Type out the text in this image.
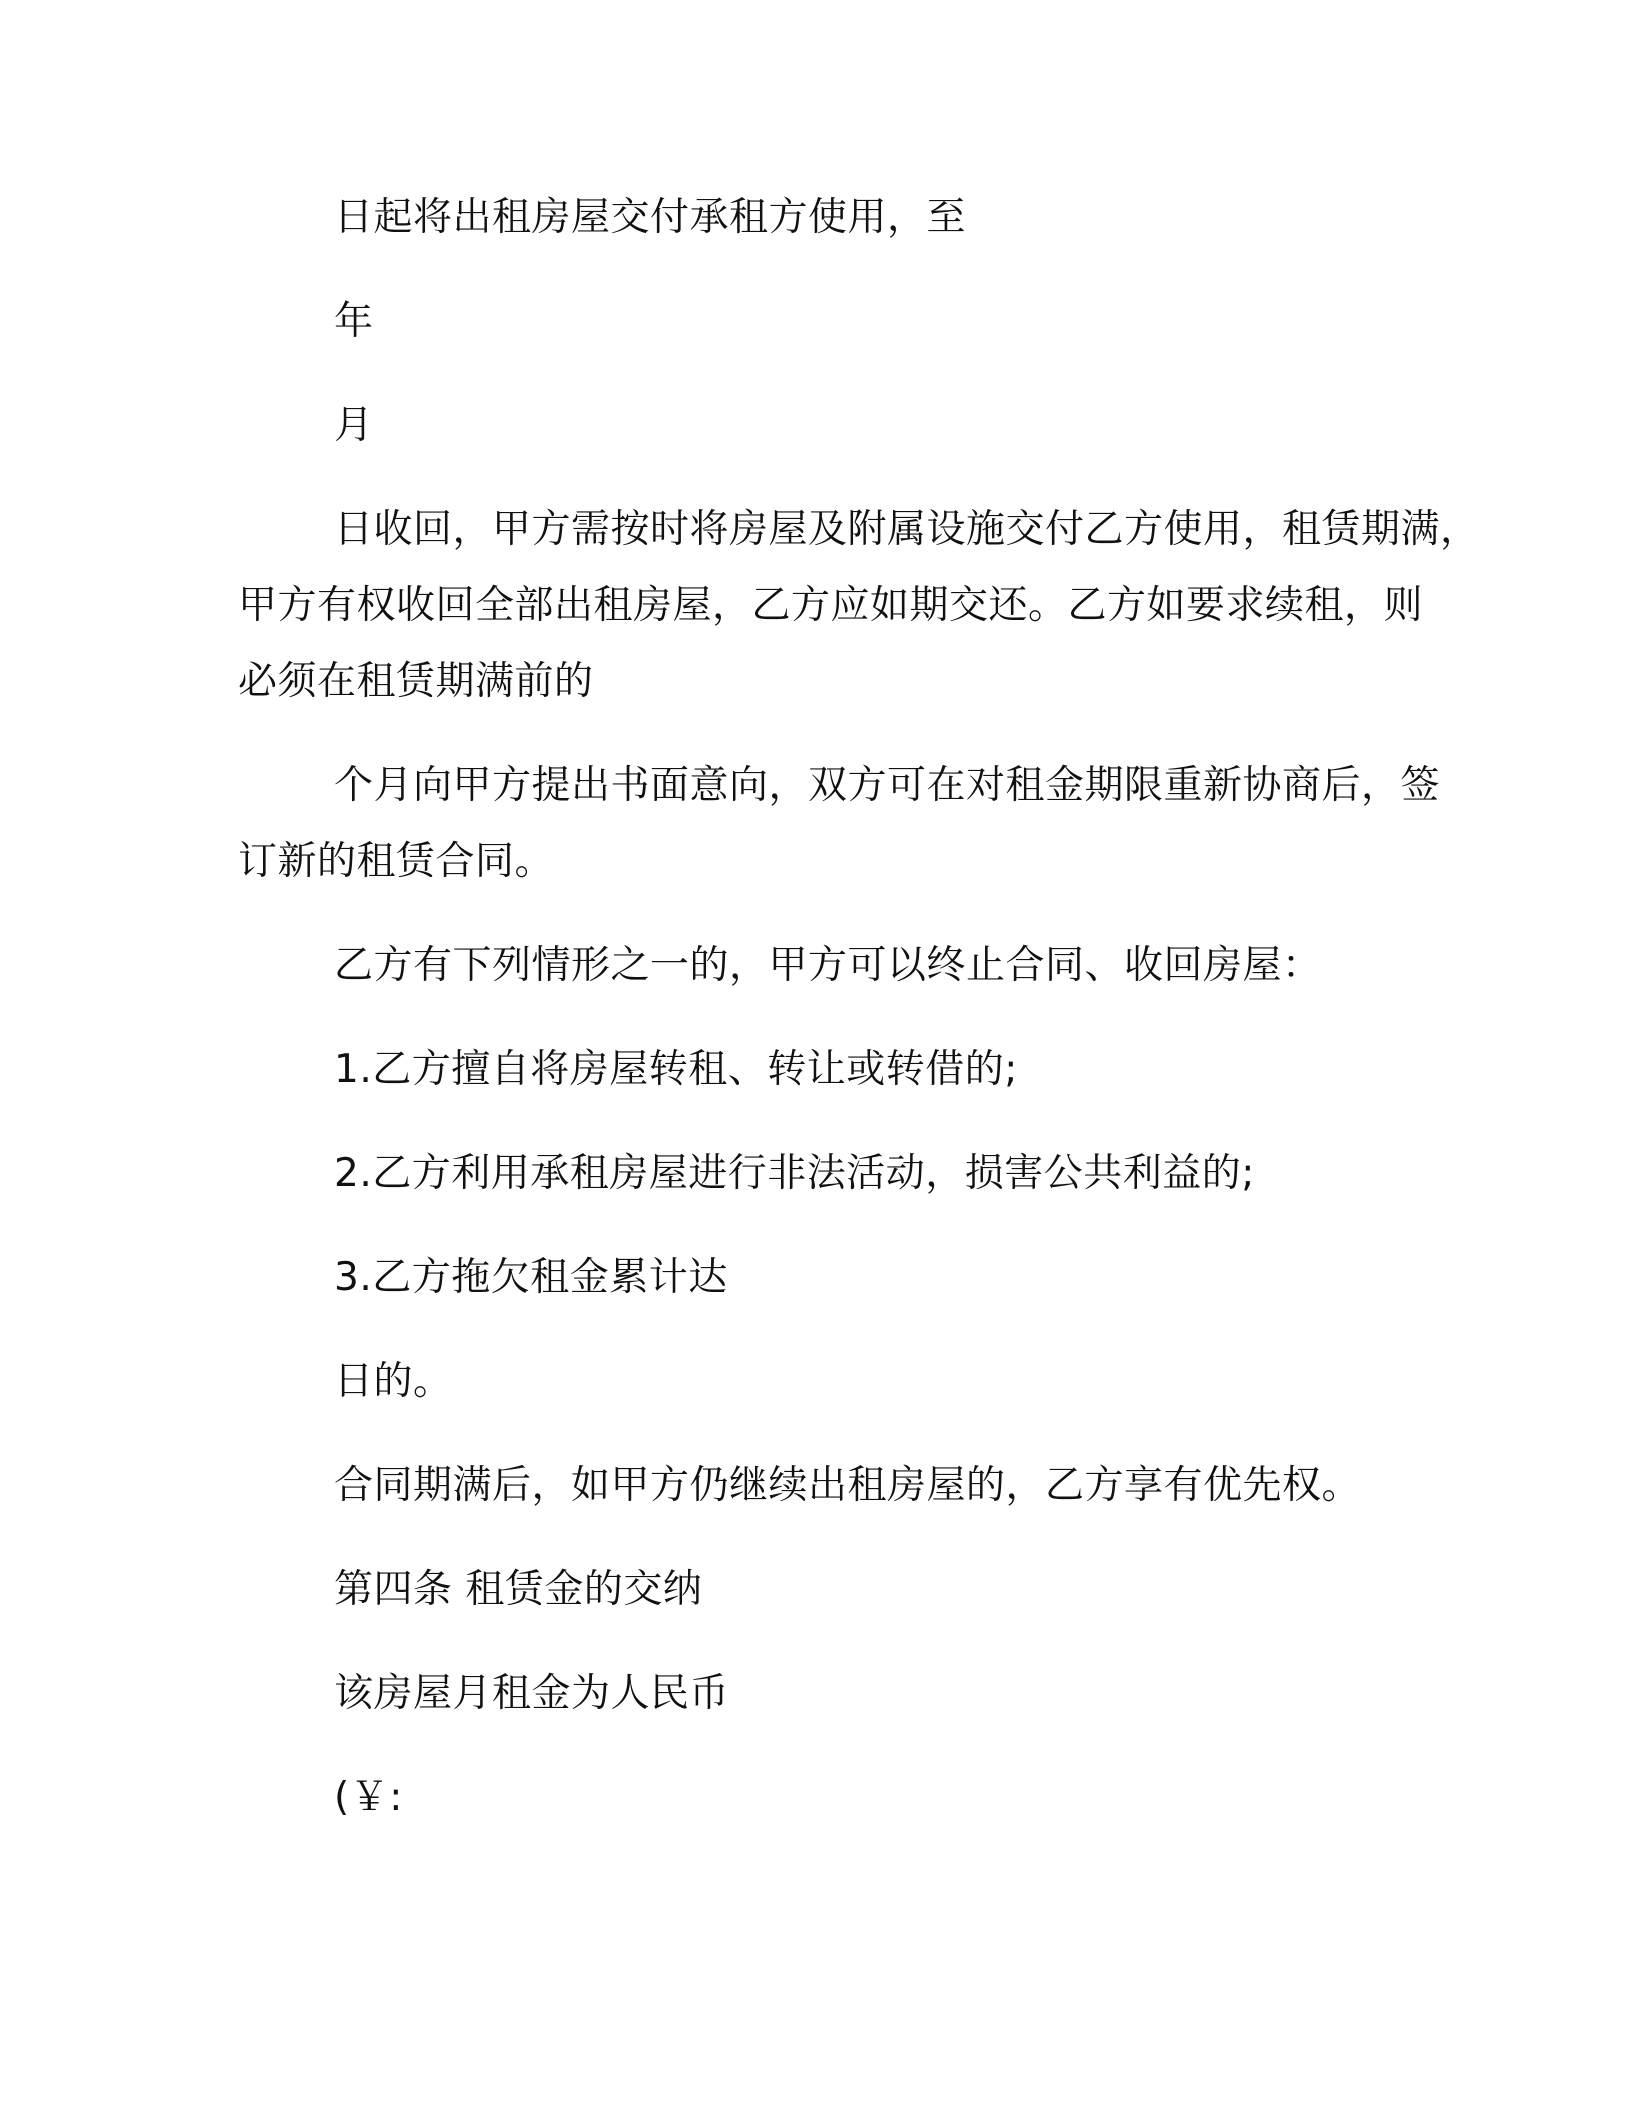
日起将出租房屋交付承租方使用，至
年
月
日收回，甲方需按时将房屋及附属设施交付乙方使用，租赁期满，
甲方有权收回全部出租房屋，乙方应如期交还。乙方如要求续租，则
必须在租赁期满前的
个月向甲方提出书面意向，双方可在对租金期限重新协商后，签
订新的租赁合同。
乙方有下列情形之一的，甲方可以终止合同、收回房屋：
1.乙方擅自将房屋转租、转让或转借的;
2.乙方利用承租房屋进行非法活动，损害公共利益的;
3.乙方拖欠租金累计达
日的。
合同期满后，如甲方仍继续出租房屋的，乙方享有优先权。
第四条 租赁金的交纳
该房屋月租金为人民币
(￥:
